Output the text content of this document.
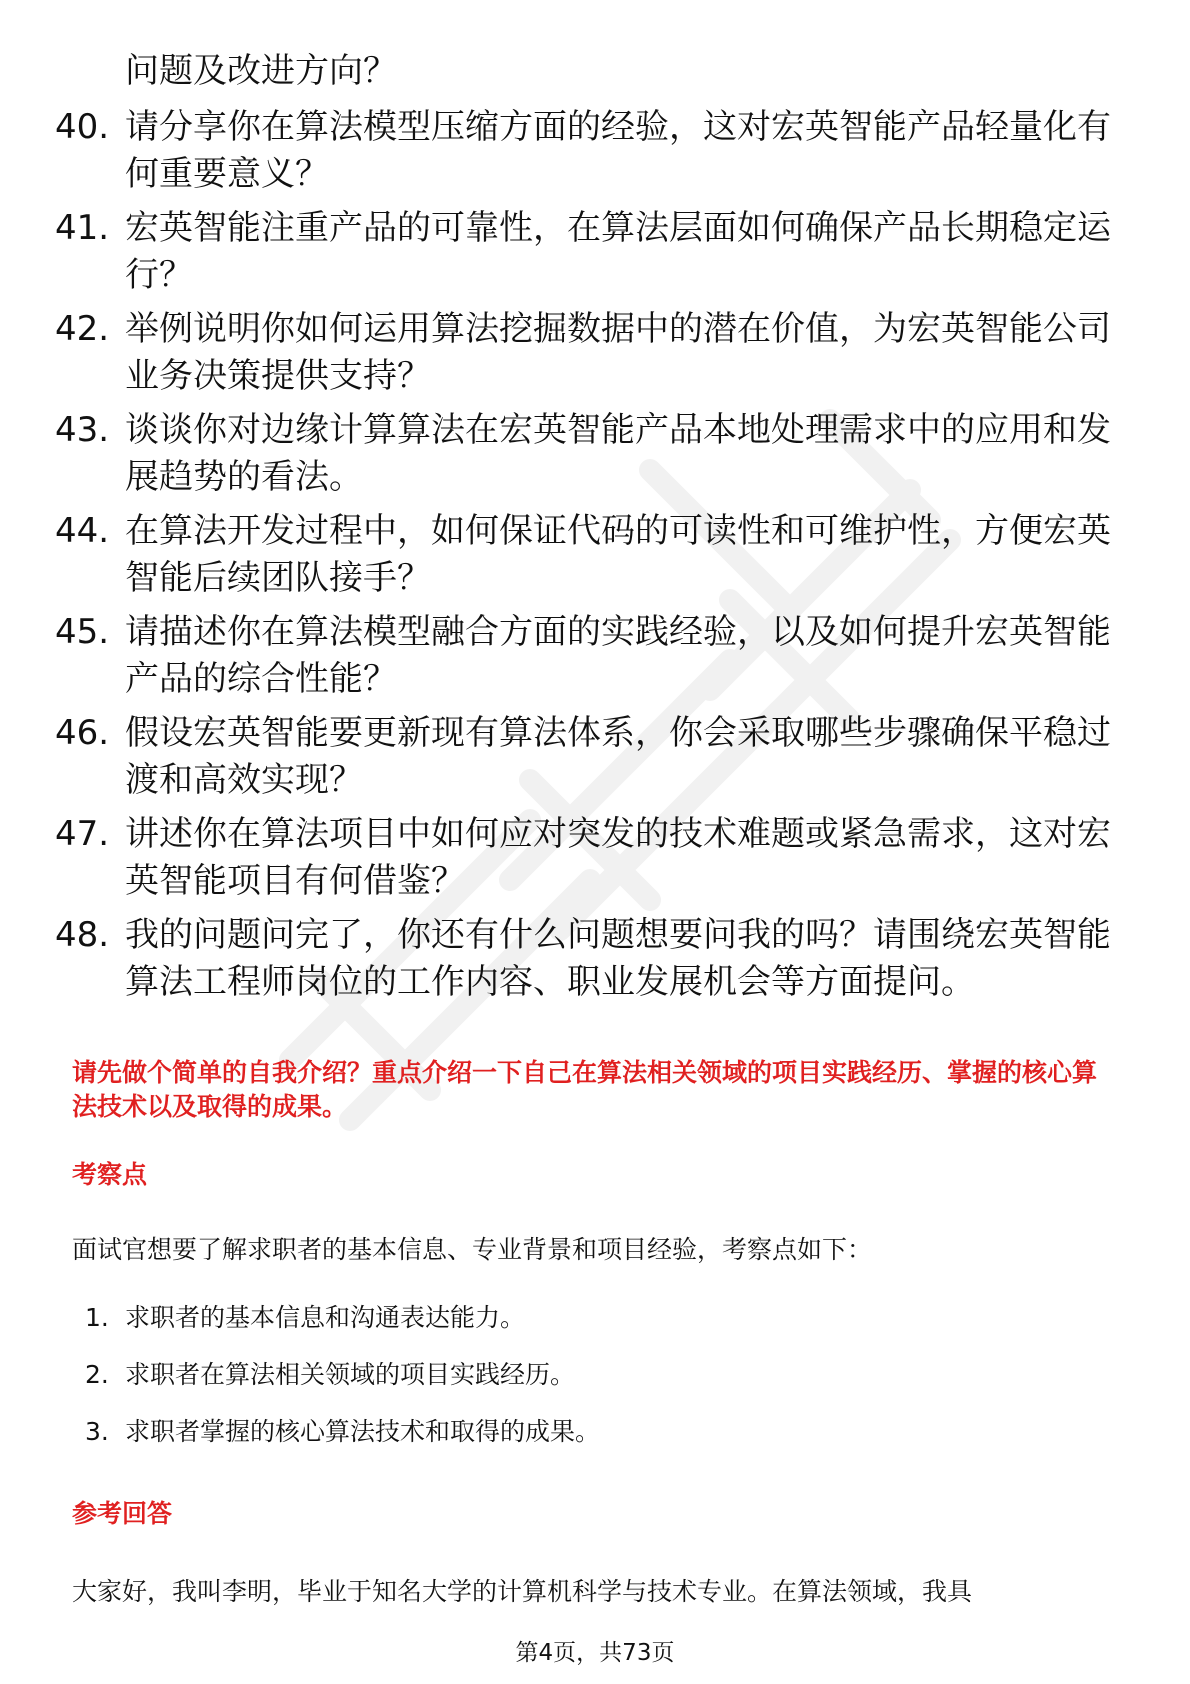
问题及改进方向？

40. 请分享你在算法模型压缩方面的经验，这对宏英智能产品轻量化有何重要意义？
41. 宏英智能注重产品的可靠性，在算法层面如何确保产品长期稳定运行？
42. 举例说明你如何运用算法挖掘数据中的潜在价值，为宏英智能公司业务决策提供支持？
43. 谈谈你对边缘计算算法在宏英智能产品本地处理需求中的应用和发展趋势的看法。
44. 在算法开发过程中，如何保证代码的可读性和可维护性，方便宏英智能后续团队接手？
45. 请描述你在算法模型融合方面的实践经验，以及如何提升宏英智能产品的综合性能？
46. 假设宏英智能要更新现有算法体系，你会采取哪些步骤确保平稳过渡和高效实现？
47. 讲述你在算法项目中如何应对突发的技术难题或紧急需求，这对宏英智能项目有何借鉴？
48. 我的问题问完了，你还有什么问题想要问我的吗？请围绕宏英智能算法工程师岗位的工作内容、职业发展机会等方面提问。

请先做个简单的自我介绍？重点介绍一下自己在算法相关领域的项目实践经历、掌握的核心算法技术以及取得的成果。

考察点

面试官想要了解求职者的基本信息、专业背景和项目经验，考察点如下：

1. 求职者的基本信息和沟通表达能力。
2. 求职者在算法相关领域的项目实践经历。
3. 求职者掌握的核心算法技术和取得的成果。
参考回答

大家好，我叫李明，毕业于知名大学的计算机科学与技术专业。在算法领域，我具

第4页，共73页
